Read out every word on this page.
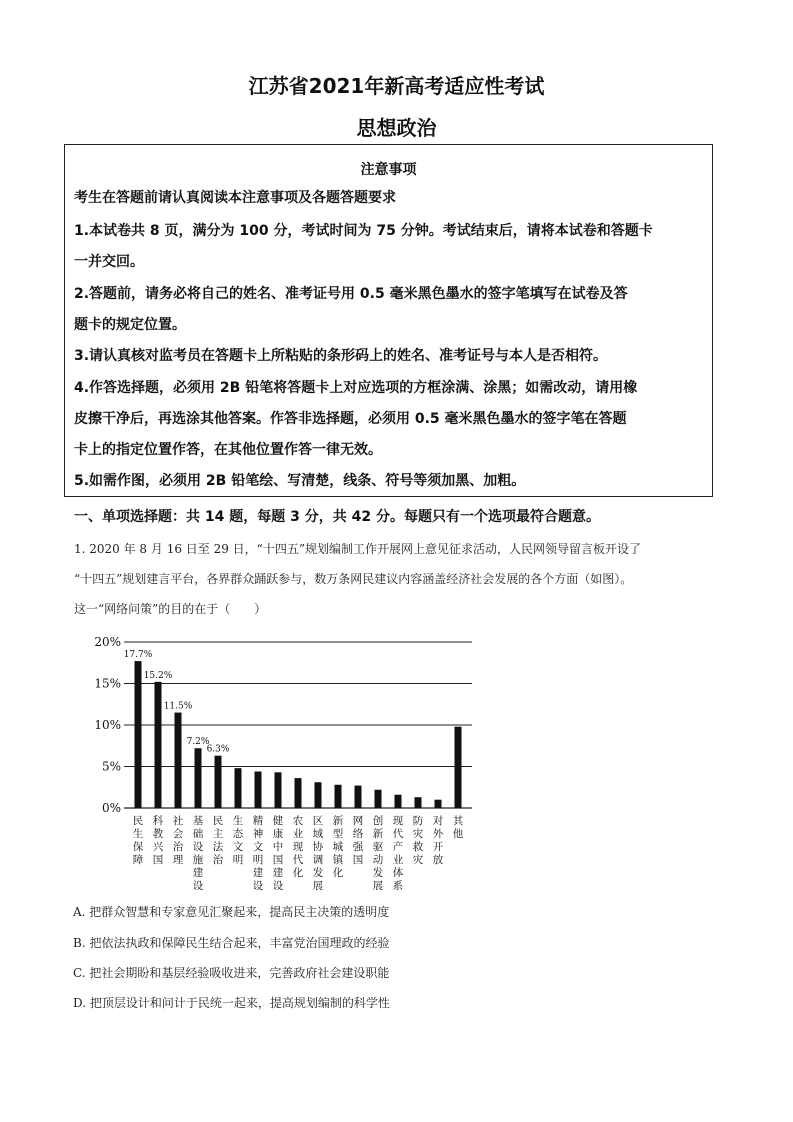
江苏省2021年新高考适应性考试
思想政治
注意事项
考生在答题前请认真阅读本注意事项及各题答题要求
1.本试卷共 8 页，满分为 100 分，考试时间为 75 分钟。考试结束后，请将本试卷和答题卡
一并交回。
2.答题前，请务必将自己的姓名、准考证号用 0.5 毫米黑色墨水的签字笔填写在试卷及答
题卡的规定位置。
3.请认真核对监考员在答题卡上所粘贴的条形码上的姓名、准考证号与本人是否相符。
4.作答选择题，必须用 2B 铅笔将答题卡上对应选项的方框涂满、涂黑；如需改动，请用橡
皮擦干净后，再选涂其他答案。作答非选择题，必须用 0.5 毫米黑色墨水的签字笔在答题
卡上的指定位置作答，在其他位置作答一律无效。
5.如需作图，必须用 2B 铅笔绘、写清楚，线条、符号等须加黑、加粗。
一、单项选择题：共 14 题，每题 3 分，共 42 分。每题只有一个选项最符合题意。
1. 2020 年 8 月 16 日至 29 日，“十四五”规划编制工作开展网上意见征求活动，人民网领导留言板开设了
“十四五”规划建言平台，各界群众踊跃参与，数万条网民建议内容涵盖经济社会发展的各个方面（如图）。
这一“网络问策”的目的在于（　　）
0%
5%
10%
15%
20%
17.7%
民生保障
15.2%
科教兴国
11.5%
社会治理
7.2%
基础设施建设
6.3%
民主法治
生态文明
精神文明建设
健康中国建设
农业现代化
区域协调发展
新型城镇化
网络强国
创新驱动发展
现代产业体系
防灾救灾
对外开放
其他
A. 把群众智慧和专家意见汇聚起来，提高民主决策的透明度
B. 把依法执政和保障民生结合起来，丰富党治国理政的经验
C. 把社会期盼和基层经验吸收进来，完善政府社会建设职能
D. 把顶层设计和问计于民统一起来，提高规划编制的科学性
